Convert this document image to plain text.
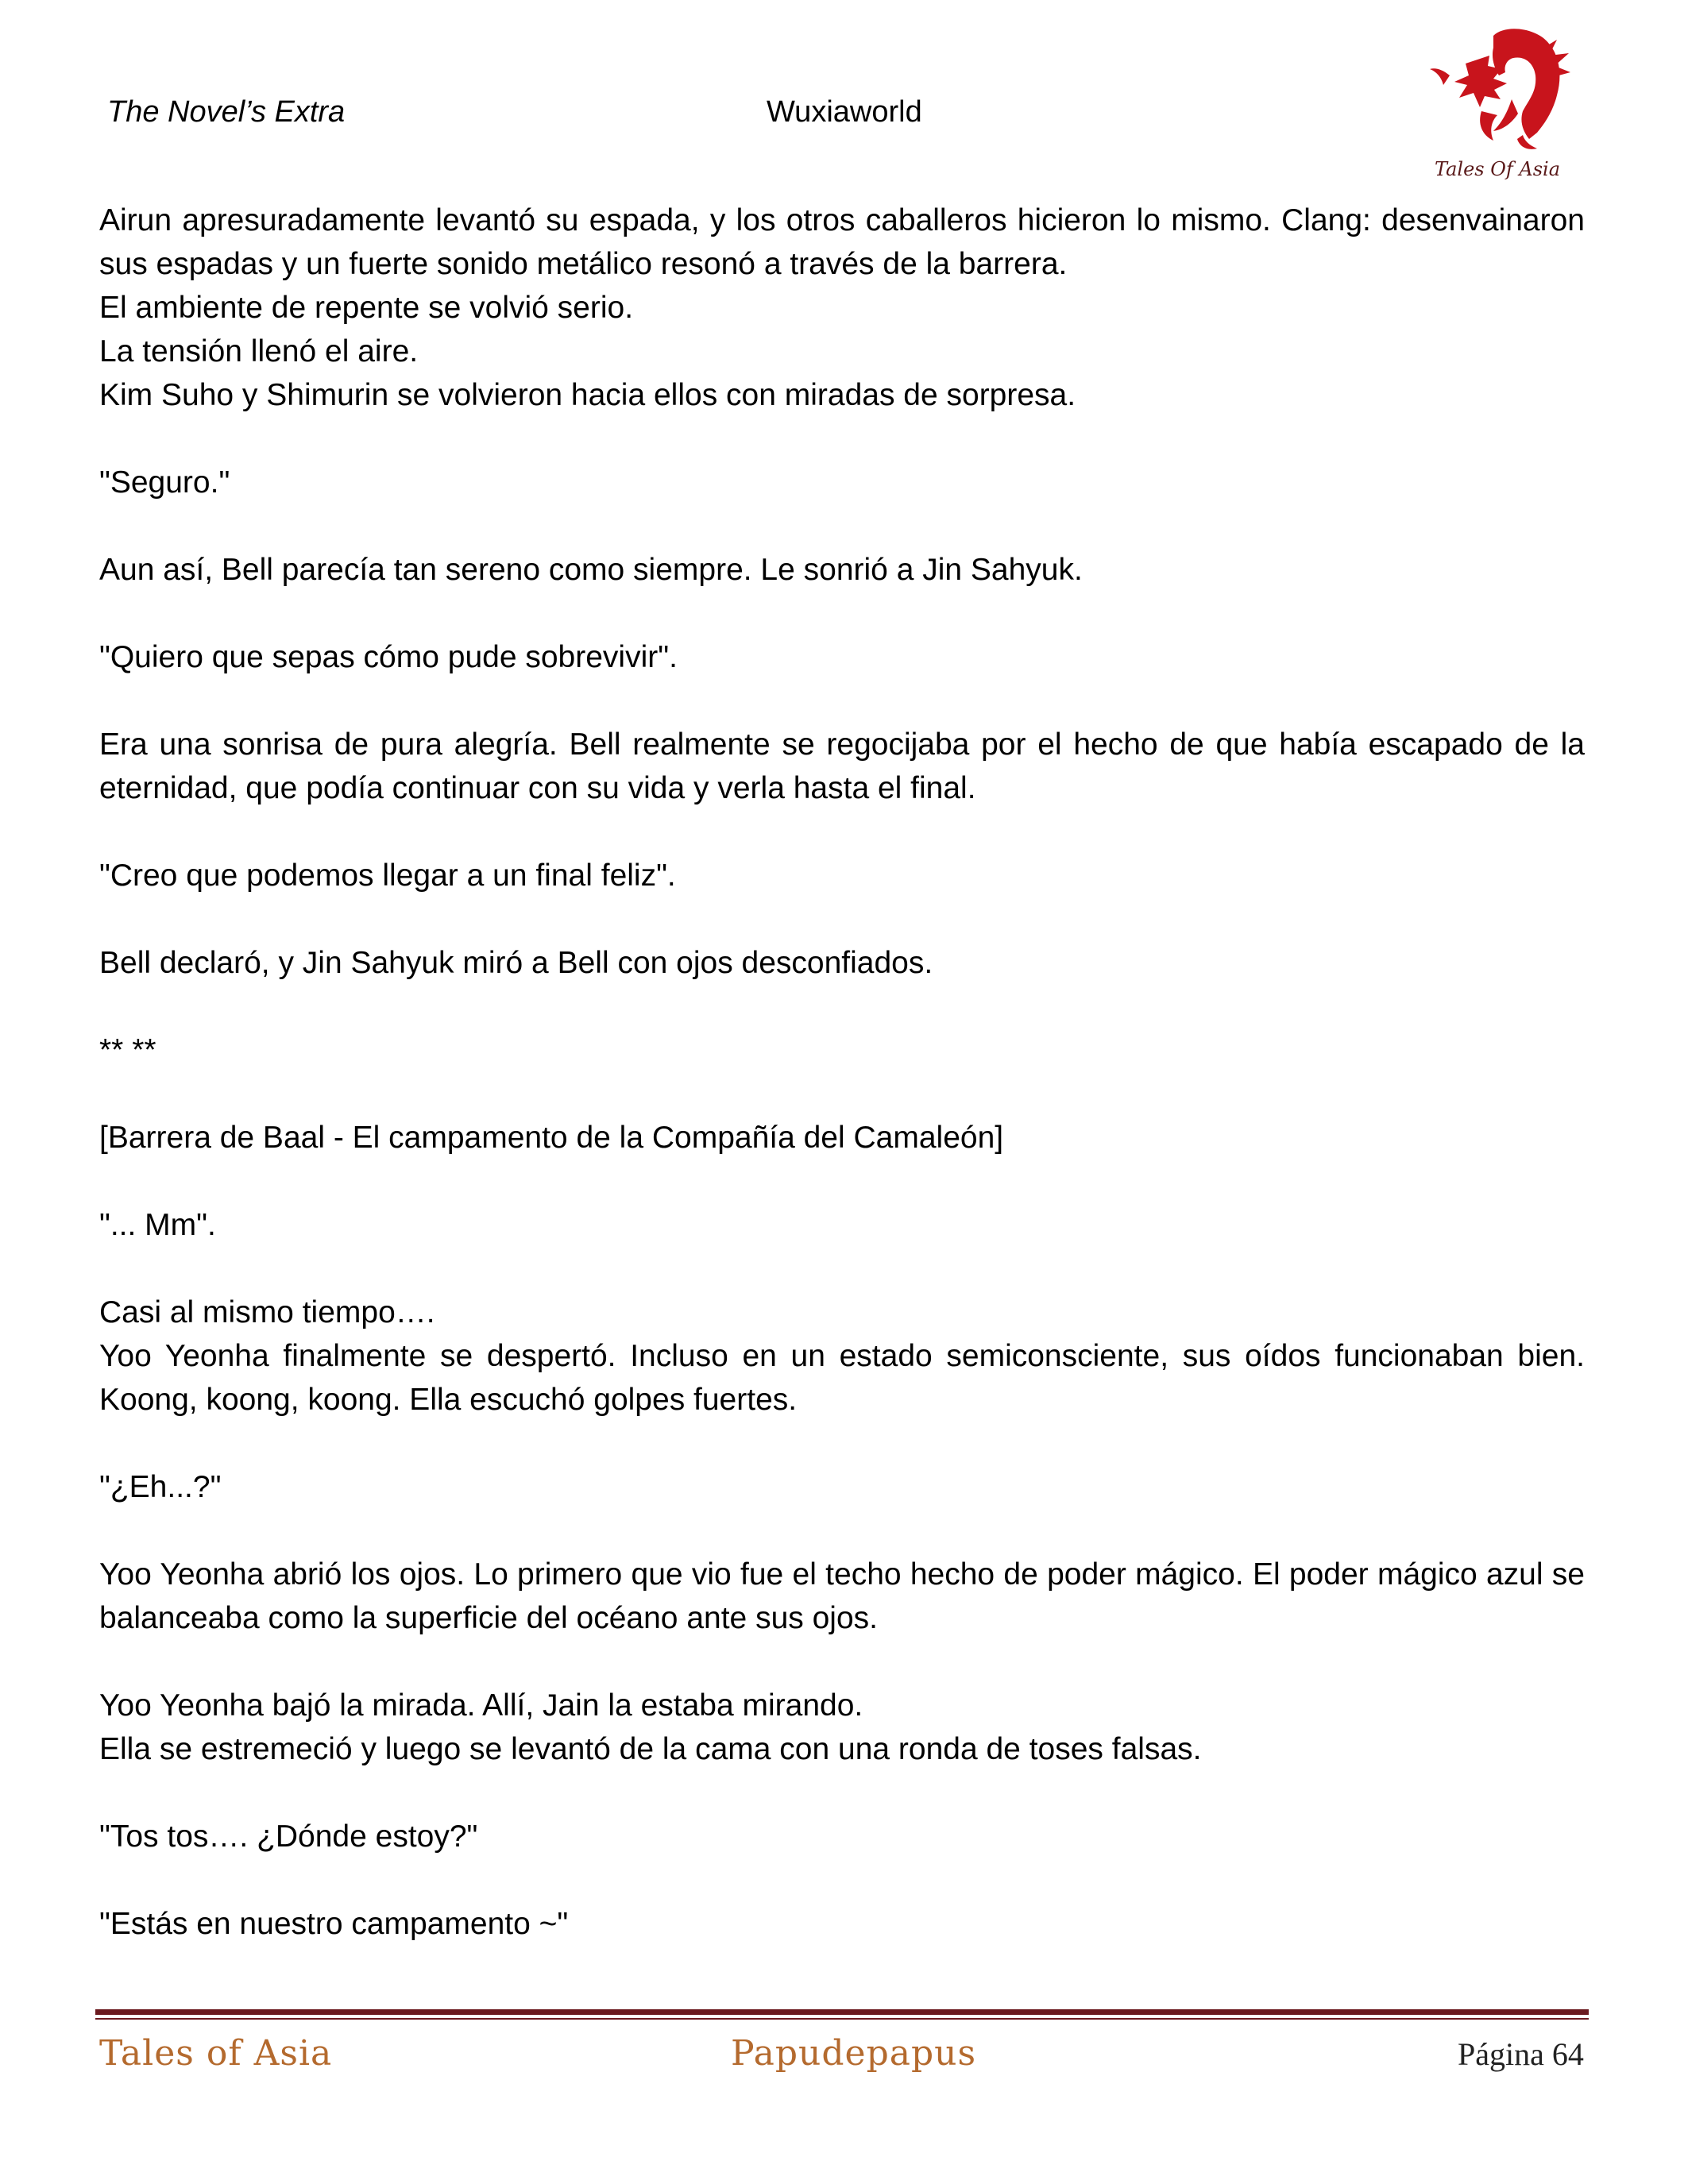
The Novel’s Extra	Wuxiaworld
Tales Of Asia

Airun apresuradamente levantó su espada, y los otros caballeros hicieron lo mismo. Clang: desenvainaron sus espadas y un fuerte sonido metálico resonó a través de la barrera.

El ambiente de repente se volvió serio.

La tensión llenó el aire.

Kim Suho y Shimurin se volvieron hacia ellos con miradas de sorpresa.

"Seguro."

Aun así, Bell parecía tan sereno como siempre. Le sonrió a Jin Sahyuk.

"Quiero que sepas cómo pude sobrevivir".

Era una sonrisa de pura alegría. Bell realmente se regocijaba por el hecho de que había escapado de la eternidad, que podía continuar con su vida y verla hasta el final.

"Creo que podemos llegar a un final feliz".

Bell declaró, y Jin Sahyuk miró a Bell con ojos desconfiados.

** **

[Barrera de Baal - El campamento de la Compañía del Camaleón]

"... Mm".

Casi al mismo tiempo….

Yoo Yeonha finalmente se despertó. Incluso en un estado semiconsciente, sus oídos funcionaban bien. Koong, koong, koong. Ella escuchó golpes fuertes.

"¿Eh...?"

Yoo Yeonha abrió los ojos. Lo primero que vio fue el techo hecho de poder mágico. El poder mágico azul se balanceaba como la superficie del océano ante sus ojos.

Yoo Yeonha bajó la mirada. Allí, Jain la estaba mirando.

Ella se estremeció y luego se levantó de la cama con una ronda de toses falsas.

"Tos tos…. ¿Dónde estoy?"

"Estás en nuestro campamento ~"

Tales of Asia	Papudepapus	Página 64
